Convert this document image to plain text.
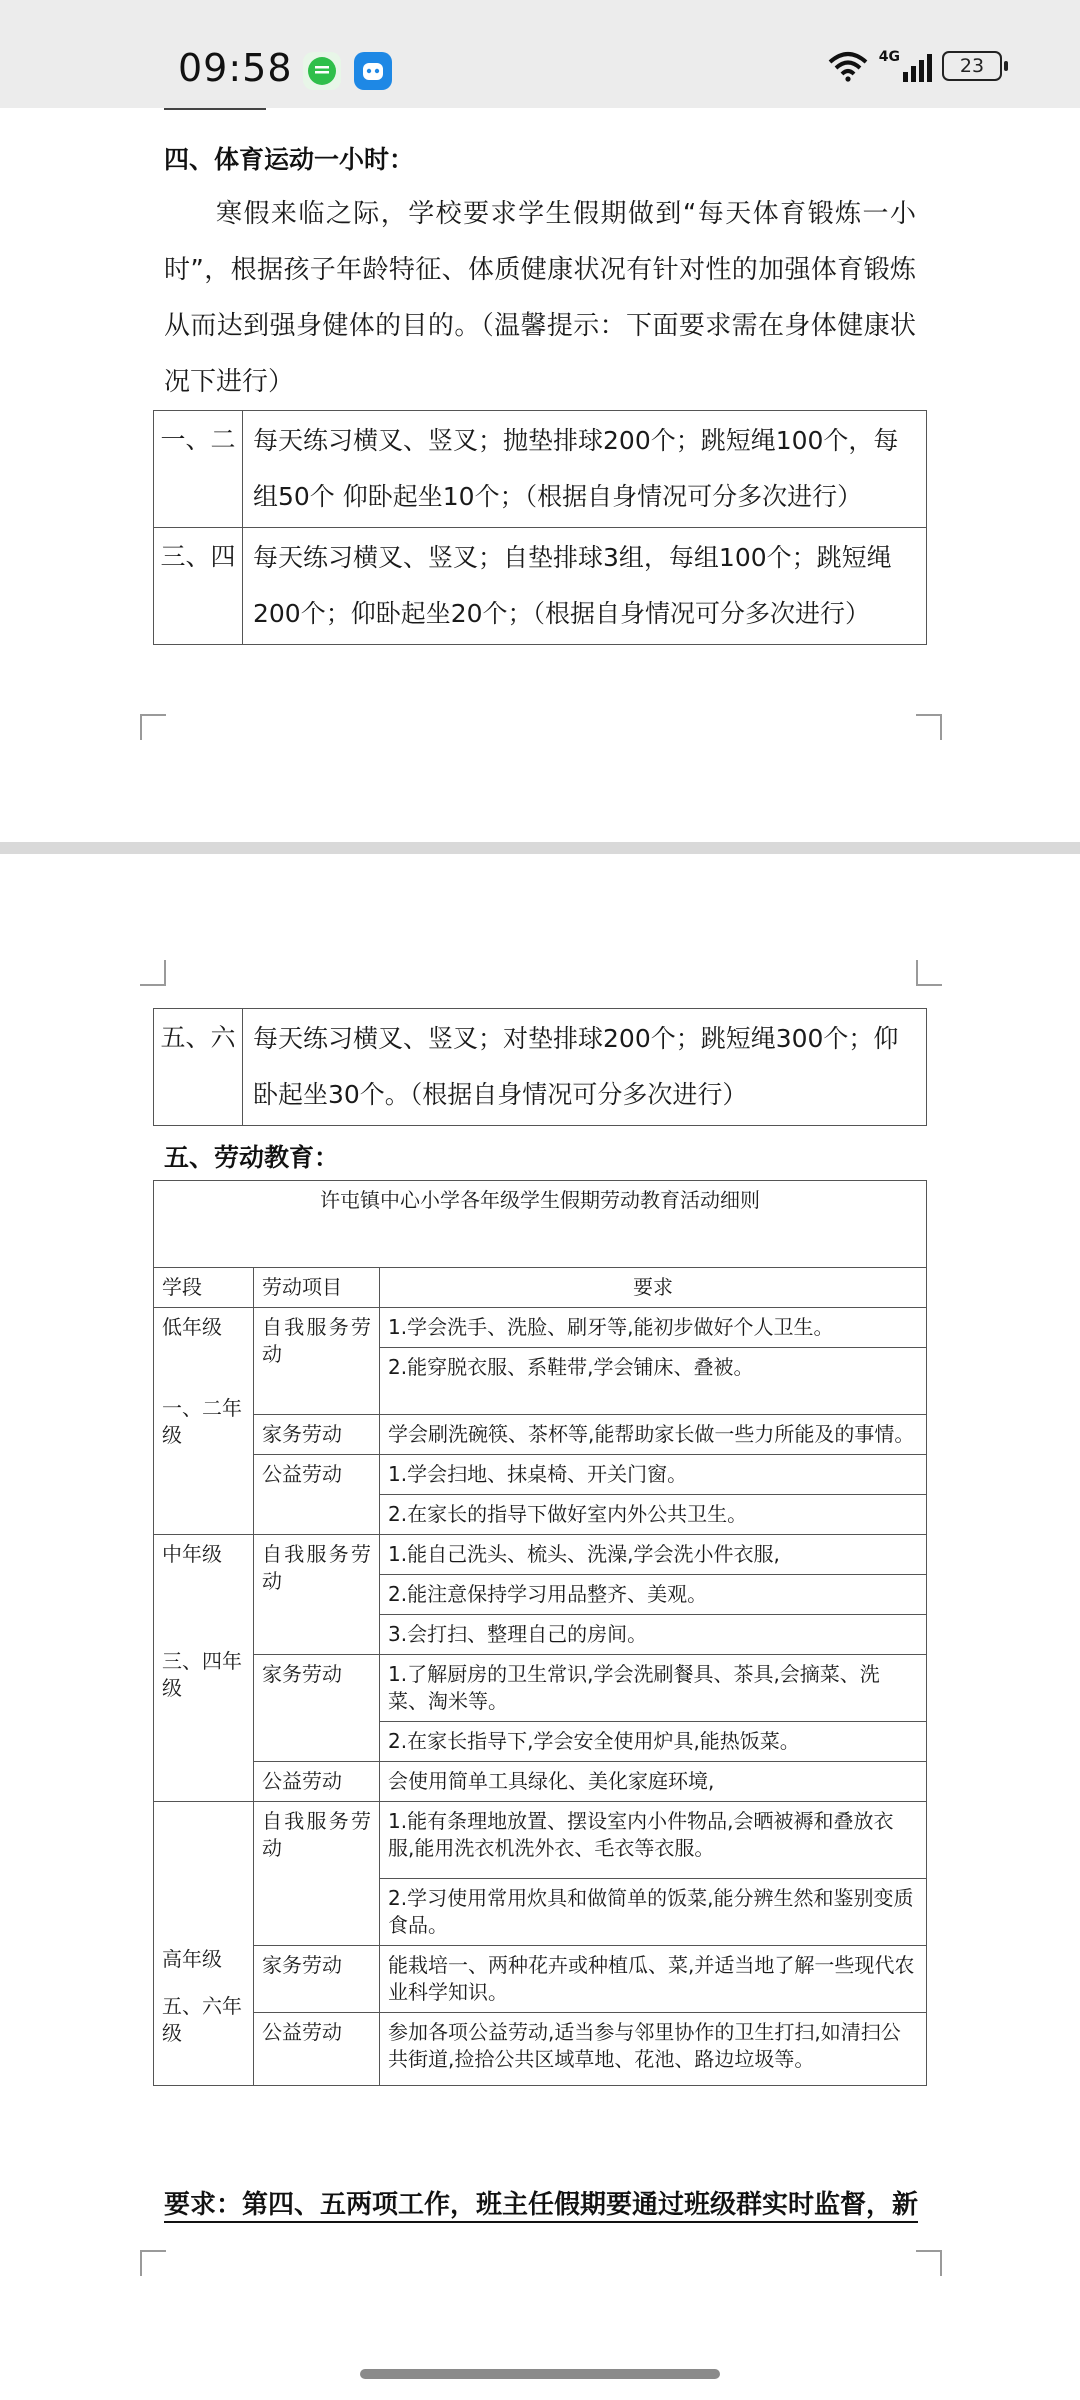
09:58	4G	23
四、体育运动一小时：
寒假来临之际，学校要求学生假期做到“每天体育锻炼一小时”，根据孩子年龄特征、体质健康状况有针对性的加强体育锻炼从而达到强身健体的目的。（温馨提示：下面要求需在身体健康状况下进行）
一、二	每天练习横叉、竖叉；抛垫排球200个；跳短绳100个，每组50个 仰卧起坐10个；（根据自身情况可分多次进行）
三、四	每天练习横叉、竖叉；自垫排球3组，每组100个；跳短绳200个；仰卧起坐20个；（根据自身情况可分多次进行）
五、六	每天练习横叉、竖叉；对垫排球200个；跳短绳300个；仰卧起坐30个。（根据自身情况可分多次进行）
五、劳动教育：
许屯镇中心小学各年级学生假期劳动教育活动细则		
学段	劳动项目	要求

低年级
一、二年级	自我服务劳动	1.学会洗手、洗脸、刷牙等,能初步做好个人卫生。
		2.能穿脱衣服、系鞋带,学会铺床、叠被。
	家务劳动	学会刷洗碗筷、茶杯等,能帮助家长做一些力所能及的事情。
	公益劳动	1.学会扫地、抹桌椅、开关门窗。
		2.在家长的指导下做好室内外公共卫生。

中年级
三、四年级	自我服务劳动	1.能自己洗头、梳头、洗澡,学会洗小件衣服,
		2.能注意保持学习用品整齐、美观。
		3.会打扫、整理自己的房间。
	家务劳动	1.了解厨房的卫生常识,学会洗刷餐具、茶具,会摘菜、洗菜、淘米等。
		2.在家长指导下,学会安全使用炉具,能热饭菜。
	公益劳动	会使用简单工具绿化、美化家庭环境,

高年级
五、六年级	自我服务劳动	1.能有条理地放置、摆设室内小件物品,会晒被褥和叠放衣服,能用洗衣机洗外衣、毛衣等衣服。
		2.学习使用常用炊具和做简单的饭菜,能分辨生然和鉴别变质食品。
	家务劳动	能栽培一、两种花卉或种植瓜、菜,并适当地了解一些现代农业科学知识。
	公益劳动	参加各项公益劳动,适当参与邻里协作的卫生打扫,如清扫公共街道,捡拾公共区域草地、花池、路边垃圾等。
要求：第四、五两项工作，班主任假期要通过班级群实时监督，新
